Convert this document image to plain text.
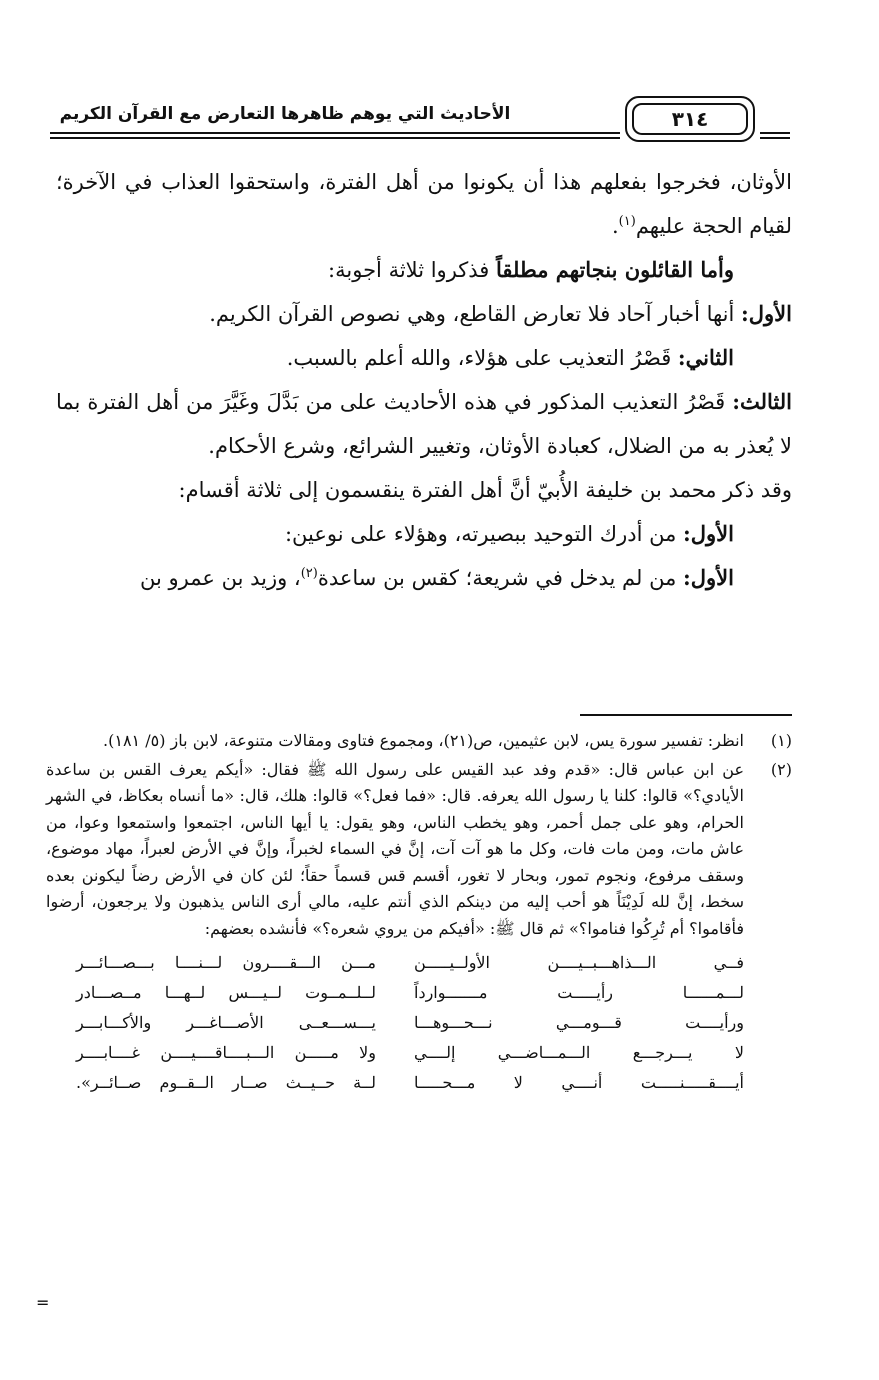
الأحاديث التي يوهم ظاهرها التعارض مع القرآن الكريم	٣١٤

الأوثان، فخرجوا بفعلهم هذا أن يكونوا من أهل الفترة، واستحقوا العذاب في الآخرة؛ لقيام الحجة عليهم$^{(١)}$.

وأما القائلون بنجاتهم مطلقاً فذكروا ثلاثة أجوبة:

الأول: أنها أخبار آحاد فلا تعارض القاطع، وهي نصوص القرآن الكريم.

الثاني: قَصْرُ التعذيب على هؤلاء، والله أعلم بالسبب.

الثالث: قَصْرُ التعذيب المذكور في هذه الأحاديث على من بَدَّلَ وغَيَّرَ من أهل الفترة بما لا يُعذر به من الضلال، كعبادة الأوثان، وتغيير الشرائع، وشرع الأحكام.

وقد ذكر محمد بن خليفة الأُبيّ أنَّ أهل الفترة ينقسمون إلى ثلاثة أقسام:

الأول: من أدرك التوحيد ببصيرته، وهؤلاء على نوعين:

الأول: من لم يدخل في شريعة؛ كقس بن ساعدة$^{(٢)}$، وزيد بن عمرو بن

(١)
انظر: تفسير سورة يس، لابن عثيمين، ص(٢١)، ومجموع فتاوى ومقالات متنوعة، لابن باز (٥/ ١٨١).

(٢)
عن ابن عباس قال: «قدم وفد عبد القيس على رسول الله ﷺ فقال: «أيكم يعرف القس بن ساعدة الأيادي؟» قالوا: كلنا يا رسول الله يعرفه. قال: «فما فعل؟» قالوا: هلك، قال: «ما أنساه بعكاظ، في الشهر الحرام، وهو على جمل أحمر، وهو يخطب الناس، وهو يقول: يا أيها الناس، اجتمعوا واستمعوا وعوا، من عاش مات، ومن مات فات، وكل ما هو آت آت، إنَّ في السماء لخبراً، وإنَّ في الأرض لعبراً، مهاد موضوع، وسقف مرفوع، ونجوم تمور، وبحار لا تغور، أقسم قس قسماً حقاً؛ لئن كان في الأرض رضاً ليكونن بعده سخط، إنَّ لله لَدِيْنَاً هو أحب إليه من دينكم الذي أنتم عليه، مالي أرى الناس يذهبون ولا يرجعون، أرضوا فأقاموا؟ أم تُرِكُوا فناموا؟» ثم قال ﷺ: «أفيكم من يروي شعره؟» فأنشده بعضهم:

فــي الـــذاهـــبــيــــن الأولــيـــــن
مـــن الـــقــــرون لـــنــــا بـــصـــائـــر
لـــمــــــا رأيـــــت مـــــــوارداً
لــلــمــوت لــيـــس لــهـــا مــصـــادر
ورأيــــت قـــومـــي نـــحـــوهـــا
يـــســـعــى الأصـــاغـــر والأكـــابـــر
لا يـــرجـــع الـــمـــاضـــي إلــــي
ولا مـــــن الـــبــــاقــــيــــن غــــابــــر
أيــــقـــــنـــــت أنــــي لا مـــحـــــا
لــة حــيــث صــار الــقــوم صــائــر».
=
